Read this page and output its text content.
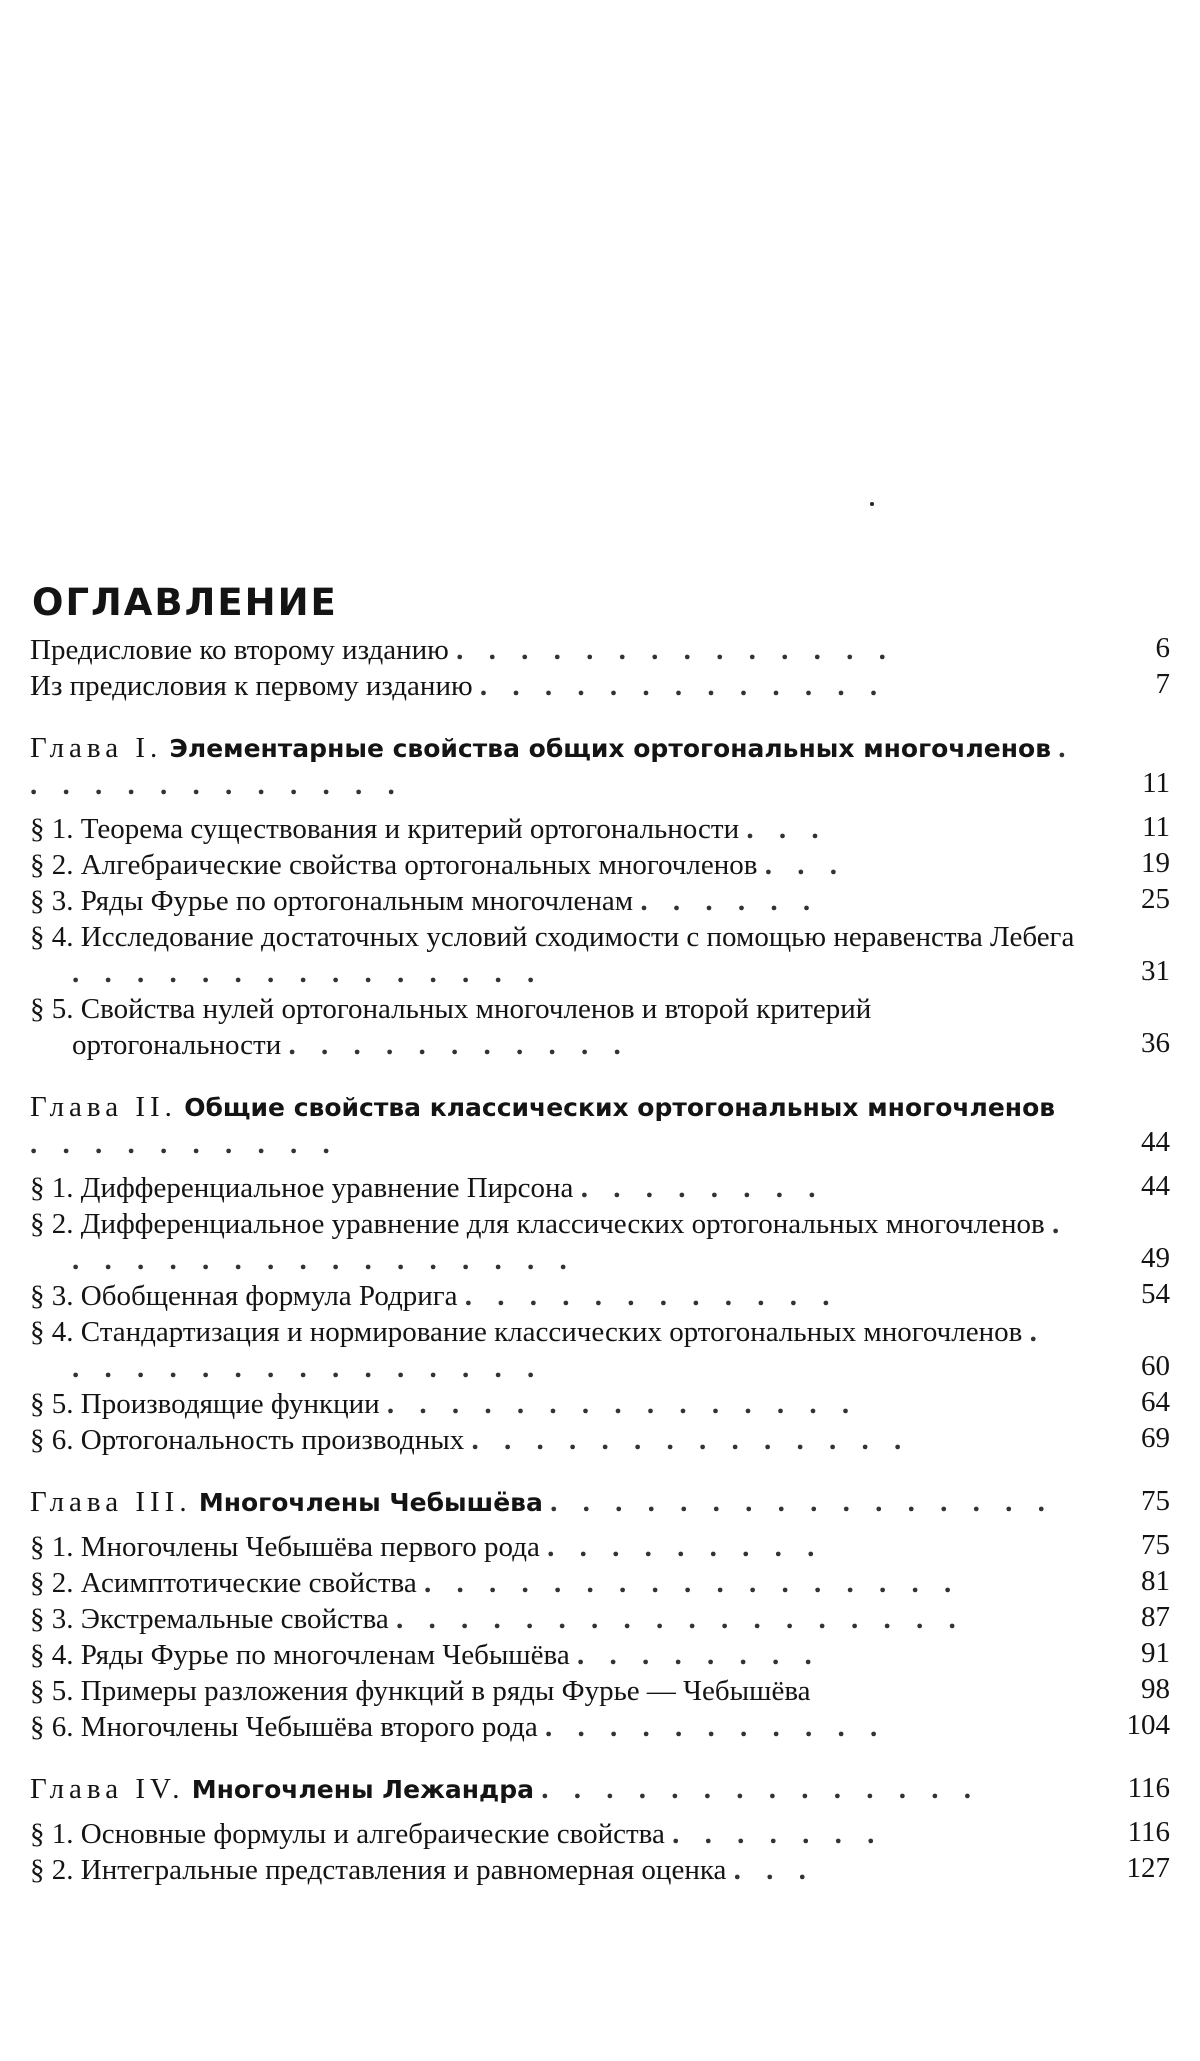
ОГЛАВЛЕНИЕ
Предисловие ко второму изданию . . . . . . . . . . . . . .	6
Из предисловия к первому изданию . . . . . . . . . . . . .	7
Глава I. Элементарные свойства общих ортогональных многочленов . . . . . . . . . . . . .	11
§ 1. Теорема существования и критерий ортогональности . . .	11
§ 2. Алгебраические свойства ортогональных многочленов . . .	19
§ 3. Ряды Фурье по ортогональным многочленам . . . . . .	25
§ 4. Исследование достаточных условий сходимости с помощью неравенства Лебега . . . . . . . . . . . . . . .	31
§ 5. Свойства нулей ортогональных многочленов и второй критерий ортогональности . . . . . . . . . . .	36
Глава II. Общие свойства классических ортогональных многочленов . . . . . . . . . .	44
§ 1. Дифференциальное уравнение Пирсона . . . . . . . .	44
§ 2. Дифференциальное уравнение для классических ортогональных многочленов . . . . . . . . . . . . . . . . .	49
§ 3. Обобщенная формула Родрига . . . . . . . . . . . .	54
§ 4. Стандартизация и нормирование классических ортогональных многочленов . . . . . . . . . . . . . . . .	60
§ 5. Производящие функции . . . . . . . . . . . . . . .	64
§ 6. Ортогональность производных . . . . . . . . . . . . . .	69
Глава III. Многочлены Чебышёва . . . . . . . . . . . . . . . .	75
§ 1. Многочлены Чебышёва первого рода . . . . . . . . .	75
§ 2. Асимптотические свойства . . . . . . . . . . . . . . . . .	81
§ 3. Экстремальные свойства . . . . . . . . . . . . . . . . . .	87
§ 4. Ряды Фурье по многочленам Чебышёва . . . . . . . .	91
§ 5. Примеры разложения функций в ряды Фурье — Чебышёва	98
§ 6. Многочлены Чебышёва второго рода . . . . . . . . . . .	104
Глава IV. Многочлены Лежандра . . . . . . . . . . . . . .	116
§ 1. Основные формулы и алгебраические свойства . . . . . . .	116
§ 2. Интегральные представления и равномерная оценка . . .	127
